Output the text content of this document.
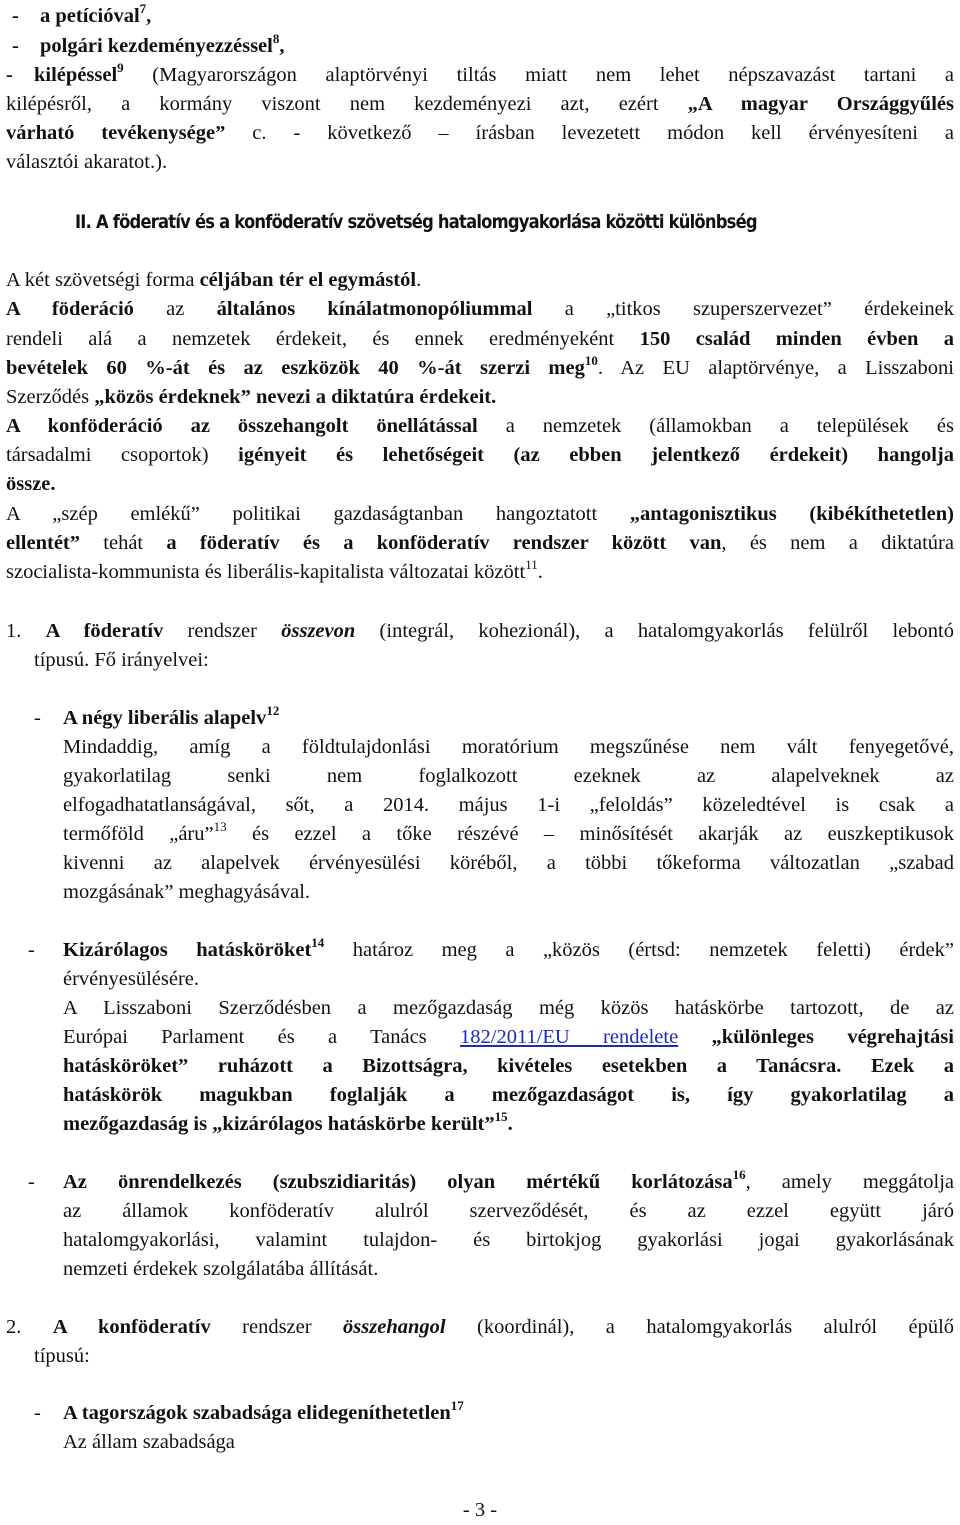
- a petícióval$^7$,
- polgári kezdeményezzéssel$^8$,
- kilépéssel$^9$ (Magyarországon alaptörvényi tiltás miatt nem lehet népszavazást tartani a
kilépésről, a kormány viszont nem kezdeményezi azt, ezért „A magyar Országgyűlés
várható tevékenysége” c. - következő – írásban levezetett módon kell érvényesíteni a
választói akaratot.).
II. A föderatív és a konföderatív szövetség hatalomgyakorlása közötti különbség
A két szövetségi forma céljában tér el egymástól.
A föderáció az általános kínálatmonopóliummal a „titkos szuperszervezet” érdekeinek
rendeli alá a nemzetek érdekeit, és ennek eredményeként 150 család minden évben a
bevételek 60 %-át és az eszközök 40 %-át szerzi meg$^{10}$. Az EU alaptörvénye, a Lisszaboni
Szerződés „közös érdeknek” nevezi a diktatúra érdekeit.
A konföderáció az összehangolt önellátással a nemzetek (államokban a települések és
társadalmi csoportok) igényeit és lehetőségeit (az ebben jelentkező érdekeit) hangolja
össze.
A „szép emlékű” politikai gazdaságtanban hangoztatott „antagonisztikus (kibékíthetetlen)
ellentét” tehát a föderatív és a konföderatív rendszer között van, és nem a diktatúra
szocialista-kommunista és liberális-kapitalista változatai között$^{11}$.
1. A föderatív rendszer összevon (integrál, kohezionál), a hatalomgyakorlás felülről lebontó
típusú. Fő irányelvei:
- A négy liberális alapelv$^{12}$
Mindaddig, amíg a földtulajdonlási moratórium megszűnése nem vált fenyegetővé,
gyakorlatilag senki nem foglalkozott ezeknek az alapelveknek az
elfogadhatatlanságával, sőt, a 2014. május 1-i „feloldás” közeledtével is csak a
termőföld „áru”$^{13}$ és ezzel a tőke részévé – minősítését akarják az euszkeptikusok
kivenni az alapelvek érvényesülési köréből, a többi tőkeforma változatlan „szabad
mozgásának” meghagyásával.
- Kizárólagos hatásköröket$^{14}$ határoz meg a „közös (értsd: nemzetek feletti) érdek”
érvényesülésére.
A Lisszaboni Szerződésben a mezőgazdaság még közös hatáskörbe tartozott, de az
Európai Parlament és a Tanács 182/2011/EU rendelete „különleges végrehajtási
hatásköröket” ruházott a Bizottságra, kivételes esetekben a Tanácsra. Ezek a
hatáskörök magukban foglalják a mezőgazdaságot is, így gyakorlatilag a
mezőgazdaság is „kizárólagos hatáskörbe került”$^{15}$.
- Az önrendelkezés (szubszidiaritás) olyan mértékű korlátozása$^{16}$, amely meggátolja
az államok konföderatív alulról szerveződését, és az ezzel együtt járó
hatalomgyakorlási, valamint tulajdon- és birtokjog gyakorlási jogai gyakorlásának
nemzeti érdekek szolgálatába állítását.
2. A konföderatív rendszer összehangol (koordinál), a hatalomgyakorlás alulról épülő
típusú:
- A tagországok szabadsága elidegeníthetetlen$^{17}$
Az állam szabadsága
- 3 -
